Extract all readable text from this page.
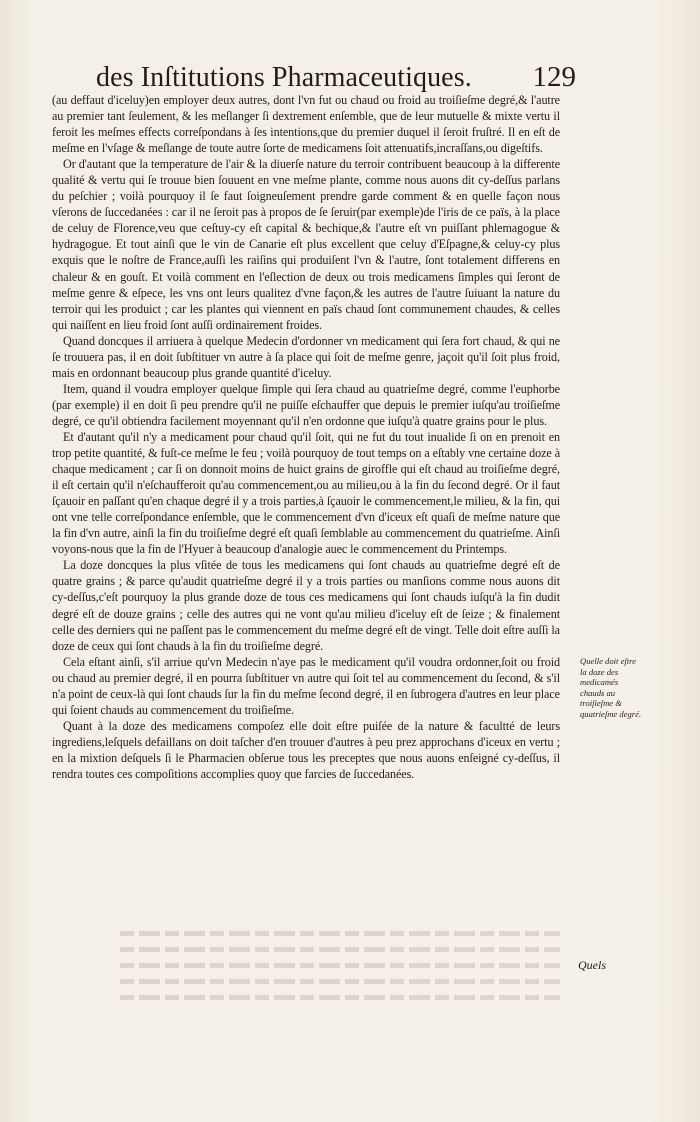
des Inſtitutions Pharmaceutiques. 129

(au deffaut d'iceluy)en employer deux autres, dont l'vn fut ou chaud ou froid au troiſieſme degré,& l'autre au premier tant ſeulement, & les meſlanger ſi dextrement enſemble, que de leur mutuelle & mixte vertu il feroit les meſmes effects correſpondans à ſes intentions,que du premier duquel il ſeroit fruſtré. Il en eſt de meſme en l'vſage & meſlange de toute autre ſorte de medicamens ſoit attenuatifs,incraſſans,ou digeſtifs.

Or d'autant que la temperature de l'air & la diuerſe nature du terroir contribuent beaucoup à la differente qualité & vertu qui ſe trouue bien ſouuent en vne meſme plante, comme nous auons dit cy-deſſus parlans du peſchier ; voilà pourquoy il ſe faut ſoigneuſement prendre garde comment & en quelle façon nous vſerons de ſuccedanées : car il ne ſeroit pas à propos de ſe ſeruir(par exemple)de l'iris de ce païs, à la place de celuy de Florence,veu que ceſtuy-cy eſt capital & bechique,& l'autre eſt vn puiſſant phlemagogue & hydragogue. Et tout ainſi que le vin de Canarie eſt plus excellent que celuy d'Eſpagne,& celuy-cy plus exquis que le noſtre de France,auſſi les raiſins qui produiſent l'vn & l'autre, ſont totalement differens en chaleur & en gouſt. Et voilà comment en l'eſlection de deux ou trois medicamens ſimples qui ſeront de meſme genre & eſpece, les vns ont leurs qualitez d'vne façon,& les autres de l'autre ſuiuant la nature du terroir qui les produict ; car les plantes qui viennent en païs chaud ſont communement chaudes, & celles qui naiſſent en lieu froid ſont auſſi ordinairement froides.

Quand doncques il arriuera à quelque Medecin d'ordonner vn medicament qui ſera fort chaud, & qui ne ſe trouuera pas, il en doit ſubſtituer vn autre à ſa place qui ſoit de meſme genre, jaçoit qu'il ſoit plus froid, mais en ordonnant beaucoup plus grande quantité d'iceluy.

Item, quand il voudra employer quelque ſimple qui ſera chaud au quatrieſme degré, comme l'euphorbe (par exemple) il en doit ſi peu prendre qu'il ne puiſſe eſchauffer que depuis le premier iuſqu'au troiſieſme degré, ce qu'il obtiendra facilement moyennant qu'il n'en ordonne que iuſqu'à quatre grains pour le plus.

Et d'autant qu'il n'y a medicament pour chaud qu'il ſoit, qui ne fut du tout inualide ſi on en prenoit en trop petite quantité, & fuſt-ce meſme le feu ; voilà pourquoy de tout temps on a eſtably vne certaine doze à chaque medicament ; car ſi on donnoit moins de huict grains de giroffle qui eſt chaud au troiſieſme degré, il eſt certain qu'il n'eſchaufferoit qu'au commencement,ou au milieu,ou à la fin du ſecond degré. Or il faut ſçauoir en paſſant qu'en chaque degré il y a trois parties,à ſçauoir le commencement,le milieu, & la fin, qui ont vne telle correſpondance enſemble, que le commencement d'vn d'iceux eſt quaſi de meſme nature que la fin d'vn autre, ainſi la fin du troiſieſme degré eſt quaſi ſemblable au commencement du quatrieſme. Ainſi voyons-nous que la fin de l'Hyuer à beaucoup d'analogie auec le commencement du Printemps.

La doze doncques la plus vſitée de tous les medicamens qui ſont chauds au quatrieſme degré eſt de quatre grains ; & parce qu'audit quatrieſme degré il y a trois parties ou manſions comme nous auons dit cy-deſſus,c'eſt pourquoy la plus grande doze de tous ces medicamens qui ſont chauds iuſqu'à la fin dudit degré eſt de douze grains ; celle des autres qui ne vont qu'au milieu d'iceluy eſt de ſeize ; & finalement celle des derniers qui ne paſſent pas le commencement du meſme degré eſt de vingt. Telle doit eſtre auſſi la doze de ceux qui ſont chauds à la fin du troiſieſme degré.

Cela eſtant ainſi, s'il arriue qu'vn Medecin n'aye pas le medicament qu'il voudra ordonner,ſoit ou froid ou chaud au premier degré, il en pourra ſubſtituer vn autre qui ſoit tel au commencement du ſecond, & s'il n'a point de ceux-là qui ſont chauds ſur la fin du meſme ſecond degré, il en ſubrogera d'autres en leur place qui ſoient chauds au commencement du troiſieſme.

Quant à la doze des medicamens compoſez elle doit eſtre puiſée de la nature & facultté de leurs ingrediens,leſquels defaillans on doit taſcher d'en trouuer d'autres à peu prez approchans d'iceux en vertu ; en la mixtion deſquels ſi le Pharmacien obſerue tous les preceptes que nous auons enſeigné cy-deſſus, il rendra toutes ces compoſitions accomplies quoy que farcies de ſuccedanées.

Quelle doit eſtre la doze des medicamés chauds au troiſieſme & quatrieſme degré.
Quels
